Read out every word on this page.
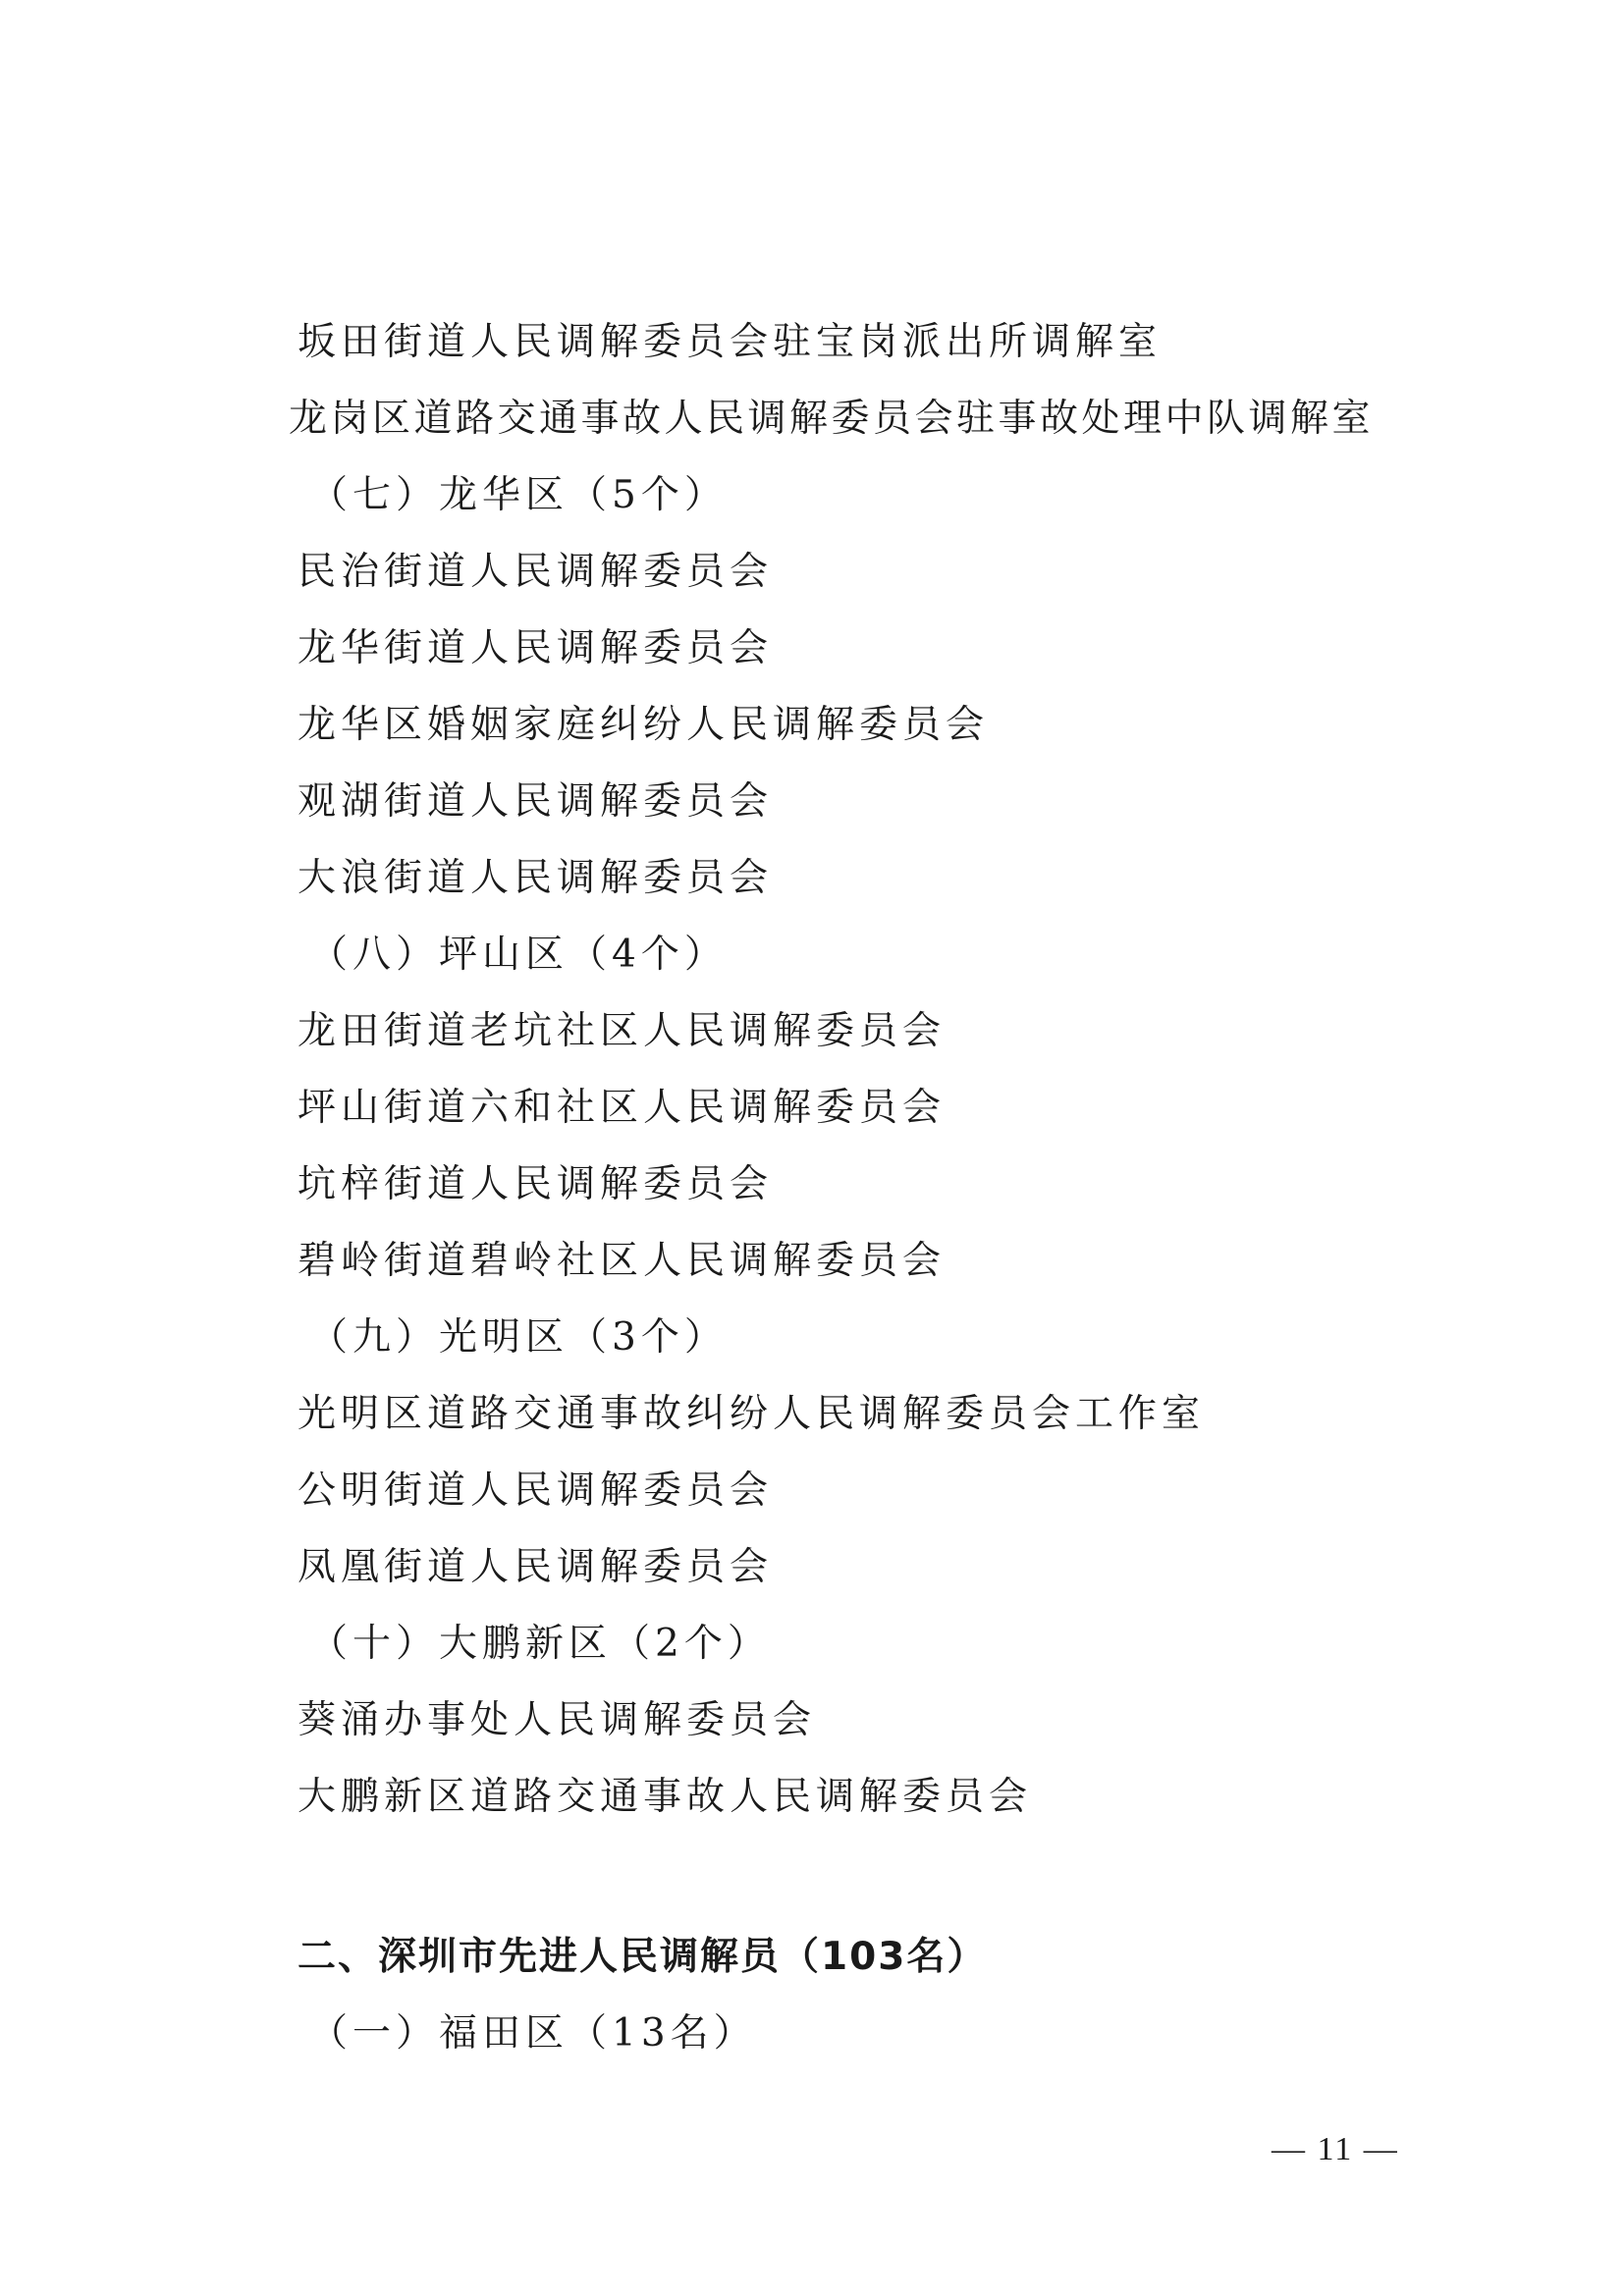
坂田街道人民调解委员会驻宝岗派出所调解室
龙岗区道路交通事故人民调解委员会驻事故处理中队调解室
（七）龙华区（5个）
民治街道人民调解委员会
龙华街道人民调解委员会
龙华区婚姻家庭纠纷人民调解委员会
观湖街道人民调解委员会
大浪街道人民调解委员会
（八）坪山区（4个）
龙田街道老坑社区人民调解委员会
坪山街道六和社区人民调解委员会
坑梓街道人民调解委员会
碧岭街道碧岭社区人民调解委员会
（九）光明区（3个）
光明区道路交通事故纠纷人民调解委员会工作室
公明街道人民调解委员会
凤凰街道人民调解委员会
（十）大鹏新区（2个）
葵涌办事处人民调解委员会
大鹏新区道路交通事故人民调解委员会
二、深圳市先进人民调解员（103名）
（一）福田区（13名）
— 11 —
